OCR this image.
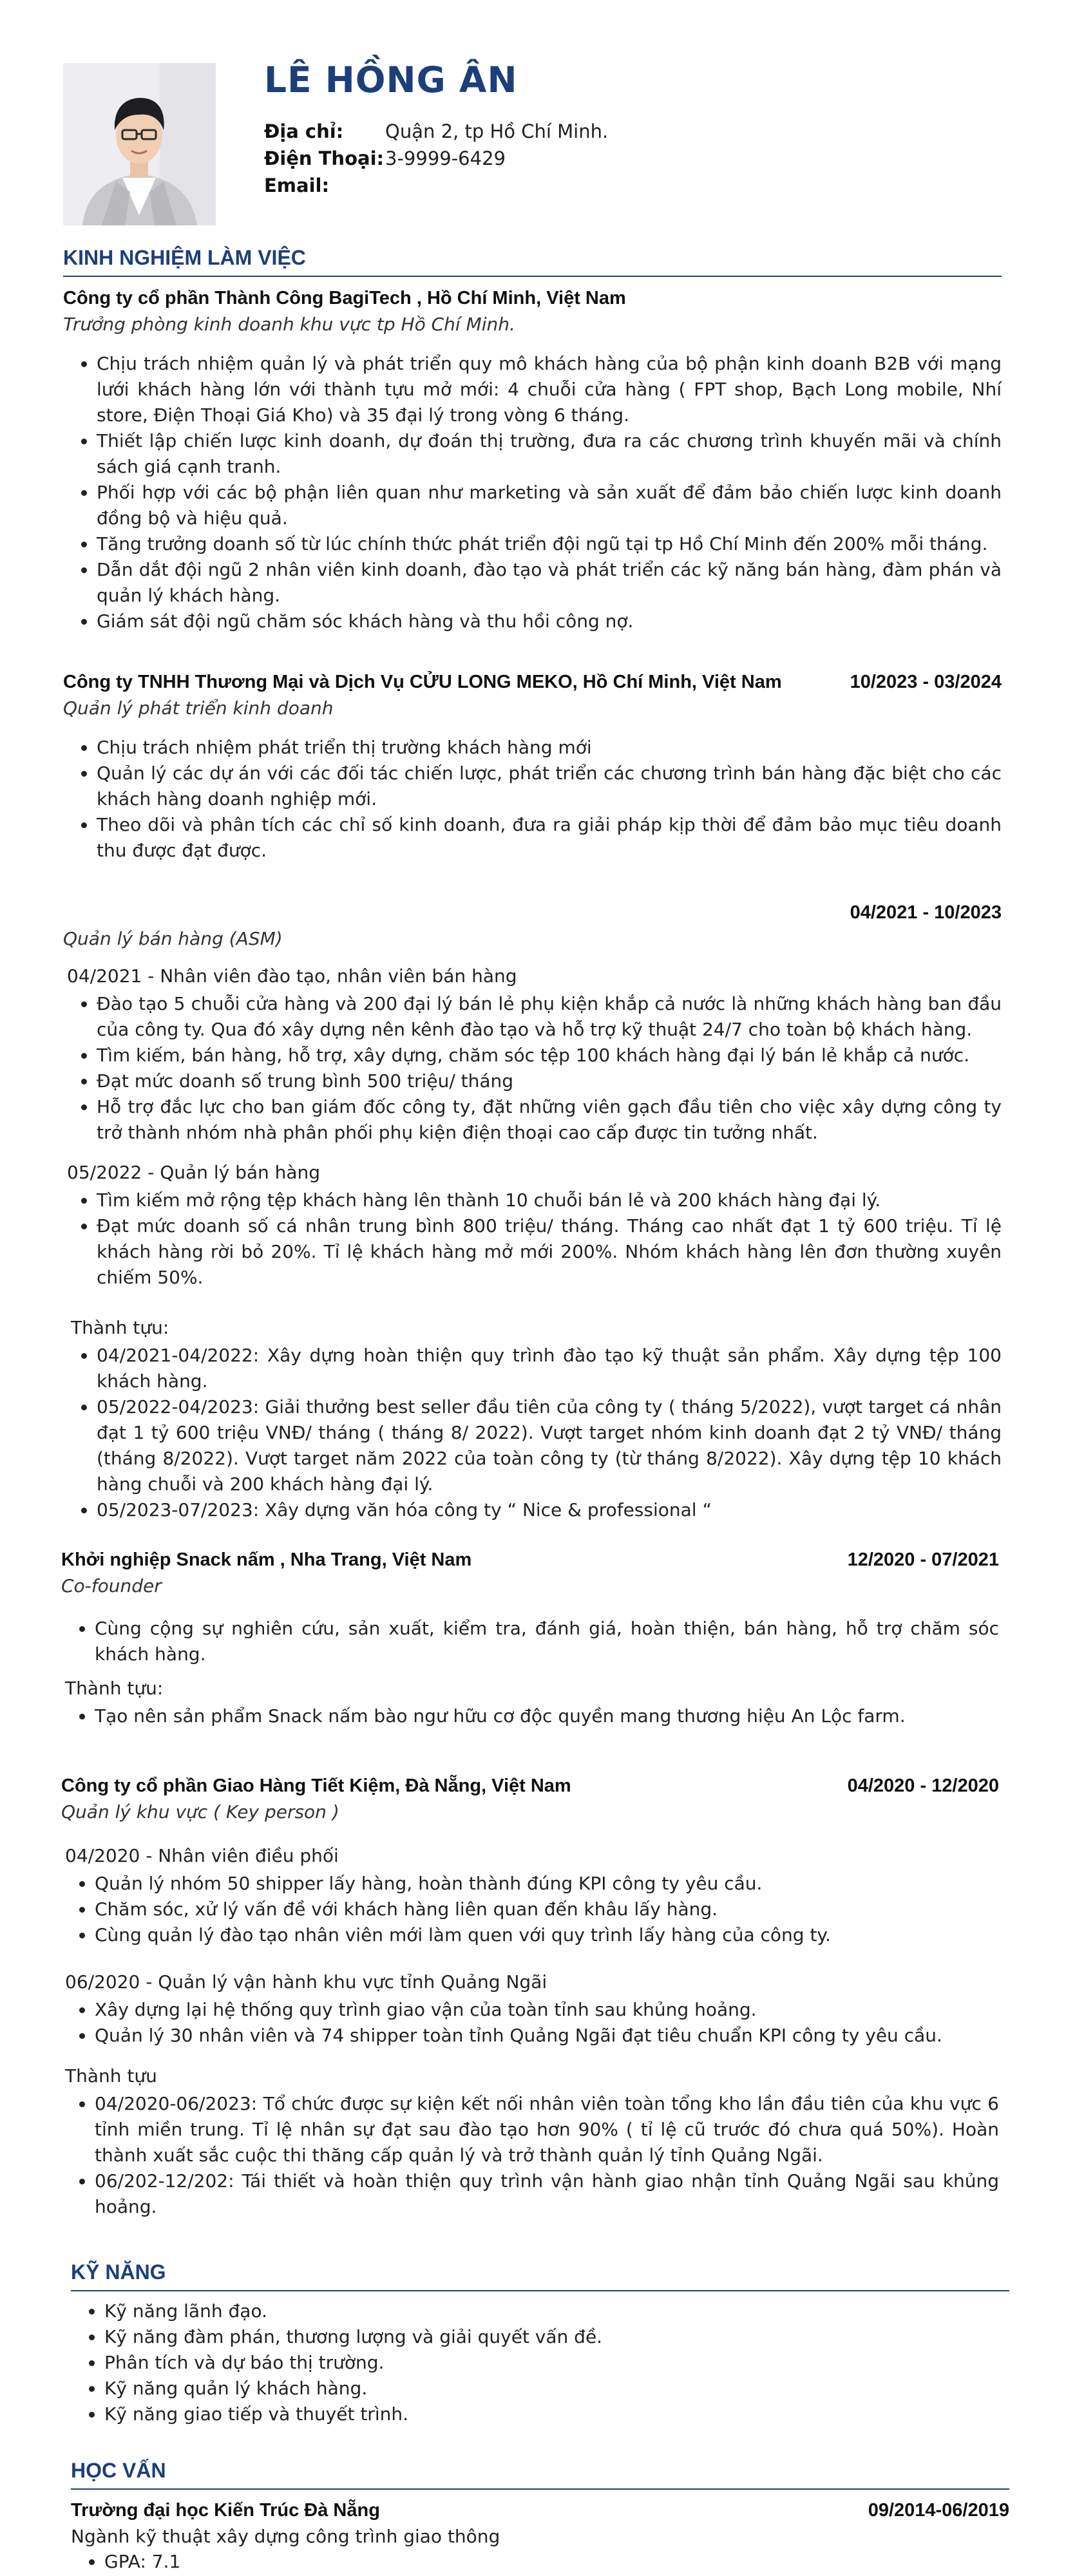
LÊ HỒNG ÂN
Địa chỉ:	Quận 2, tp Hồ Chí Minh.
Điện Thoại: 3-9999-6429
Email:
KINH NGHIỆM LÀM VIỆC
Công ty cổ phần Thành Công BagiTech , Hồ Chí Minh, Việt Nam
Trưởng phòng kinh doanh khu vực tp Hồ Chí Minh.
• Chịu trách nhiệm quản lý và phát triển quy mô khách hàng của bộ phận kinh doanh B2B với mạng lưới khách hàng lớn với thành tựu mở mới: 4 chuỗi cửa hàng ( FPT shop, Bạch Long mobile, Nhí store, Điện Thoại Giá Kho) và 35 đại lý trong vòng 6 tháng.
• Thiết lập chiến lược kinh doanh, dự đoán thị trường, đưa ra các chương trình khuyến mãi và chính sách giá cạnh tranh.
• Phối hợp với các bộ phận liên quan như marketing và sản xuất để đảm bảo chiến lược kinh doanh đồng bộ và hiệu quả.
• Tăng trưởng doanh số từ lúc chính thức phát triển đội ngũ tại tp Hồ Chí Minh đến 200% mỗi tháng.
• Dẫn dắt đội ngũ 2 nhân viên kinh doanh, đào tạo và phát triển các kỹ năng bán hàng, đàm phán và quản lý khách hàng.
• Giám sát đội ngũ chăm sóc khách hàng và thu hồi công nợ.
Công ty TNHH Thương Mại và Dịch Vụ CỬU LONG MEKO, Hồ Chí Minh, Việt Nam	10/2023 - 03/2024
Quản lý phát triển kinh doanh
• Chịu trách nhiệm phát triển thị trường khách hàng mới
• Quản lý các dự án với các đối tác chiến lược, phát triển các chương trình bán hàng đặc biệt cho các khách hàng doanh nghiệp mới.
• Theo dõi và phân tích các chỉ số kinh doanh, đưa ra giải pháp kịp thời để đảm bảo mục tiêu doanh thu được đạt được.
04/2021 - 10/2023
Quản lý bán hàng (ASM)
04/2021 - Nhân viên đào tạo, nhân viên bán hàng
• Đào tạo 5 chuỗi cửa hàng và 200 đại lý bán lẻ phụ kiện khắp cả nước là những khách hàng ban đầu của công ty. Qua đó xây dựng nên kênh đào tạo và hỗ trợ kỹ thuật 24/7 cho toàn bộ khách hàng.
• Tìm kiếm, bán hàng, hỗ trợ, xây dựng, chăm sóc tệp 100 khách hàng đại lý bán lẻ khắp cả nước.
• Đạt mức doanh số trung bình 500 triệu/ tháng
• Hỗ trợ đắc lực cho ban giám đốc công ty, đặt những viên gạch đầu tiên cho việc xây dựng công ty trở thành nhóm nhà phân phối phụ kiện điện thoại cao cấp được tin tưởng nhất.
05/2022 - Quản lý bán hàng
• Tìm kiếm mở rộng tệp khách hàng lên thành 10 chuỗi bán lẻ và 200 khách hàng đại lý.
• Đạt mức doanh số cá nhân trung bình 800 triệu/ tháng. Tháng cao nhất đạt 1 tỷ 600 triệu. Tỉ lệ khách hàng rời bỏ 20%. Tỉ lệ khách hàng mở mới 200%. Nhóm khách hàng lên đơn thường xuyên chiếm 50%.
Thành tựu:
• 04/2021-04/2022: Xây dựng hoàn thiện quy trình đào tạo kỹ thuật sản phẩm. Xây dựng tệp 100 khách hàng.
• 05/2022-04/2023: Giải thưởng best seller đầu tiên của công ty ( tháng 5/2022), vượt target cá nhân đạt 1 tỷ 600 triệu VNĐ/ tháng ( tháng 8/ 2022). Vượt target nhóm kinh doanh đạt 2 tỷ VNĐ/ tháng (tháng 8/2022). Vượt target năm 2022 của toàn công ty (từ tháng 8/2022). Xây dựng tệp 10 khách hàng chuỗi và 200 khách hàng đại lý.
• 05/2023-07/2023: Xây dựng văn hóa công ty “ Nice & professional “
Khởi nghiệp Snack nấm , Nha Trang, Việt Nam	12/2020 - 07/2021
Co-founder
• Cùng cộng sự nghiên cứu, sản xuất, kiểm tra, đánh giá, hoàn thiện, bán hàng, hỗ trợ chăm sóc khách hàng.
Thành tựu:
• Tạo nên sản phẩm Snack nấm bào ngư hữu cơ độc quyền mang thương hiệu An Lộc farm.
Công ty cổ phần Giao Hàng Tiết Kiệm, Đà Nẵng, Việt Nam	04/2020 - 12/2020
Quản lý khu vực ( Key person )
04/2020 - Nhân viên điều phối
• Quản lý nhóm 50 shipper lấy hàng, hoàn thành đúng KPI công ty yêu cầu.
• Chăm sóc, xử lý vấn đề với khách hàng liên quan đến khâu lấy hàng.
• Cùng quản lý đào tạo nhân viên mới làm quen với quy trình lấy hàng của công ty.
06/2020 - Quản lý vận hành khu vực tỉnh Quảng Ngãi
• Xây dựng lại hệ thống quy trình giao vận của toàn tỉnh sau khủng hoảng.
• Quản lý 30 nhân viên và 74 shipper toàn tỉnh Quảng Ngãi đạt tiêu chuẩn KPI công ty yêu cầu.
Thành tựu
• 04/2020-06/2023: Tổ chức được sự kiện kết nối nhân viên toàn tổng kho lần đầu tiên của khu vực 6 tỉnh miền trung. Tỉ lệ nhân sự đạt sau đào tạo hơn 90% ( tỉ lệ cũ trước đó chưa quá 50%). Hoàn thành xuất sắc cuộc thi thăng cấp quản lý và trở thành quản lý tỉnh Quảng Ngãi.
• 06/202-12/202: Tái thiết và hoàn thiện quy trình vận hành giao nhận tỉnh Quảng Ngãi sau khủng hoảng.
KỸ NĂNG
• Kỹ năng lãnh đạo.
• Kỹ năng đàm phán, thương lượng và giải quyết vấn đề.
• Phân tích và dự báo thị trường.
• Kỹ năng quản lý khách hàng.
• Kỹ năng giao tiếp và thuyết trình.
HỌC VẤN
Trường đại học Kiến Trúc Đà Nẵng	09/2014-06/2019
Ngành kỹ thuật xây dựng công trình giao thông
• GPA: 7.1
